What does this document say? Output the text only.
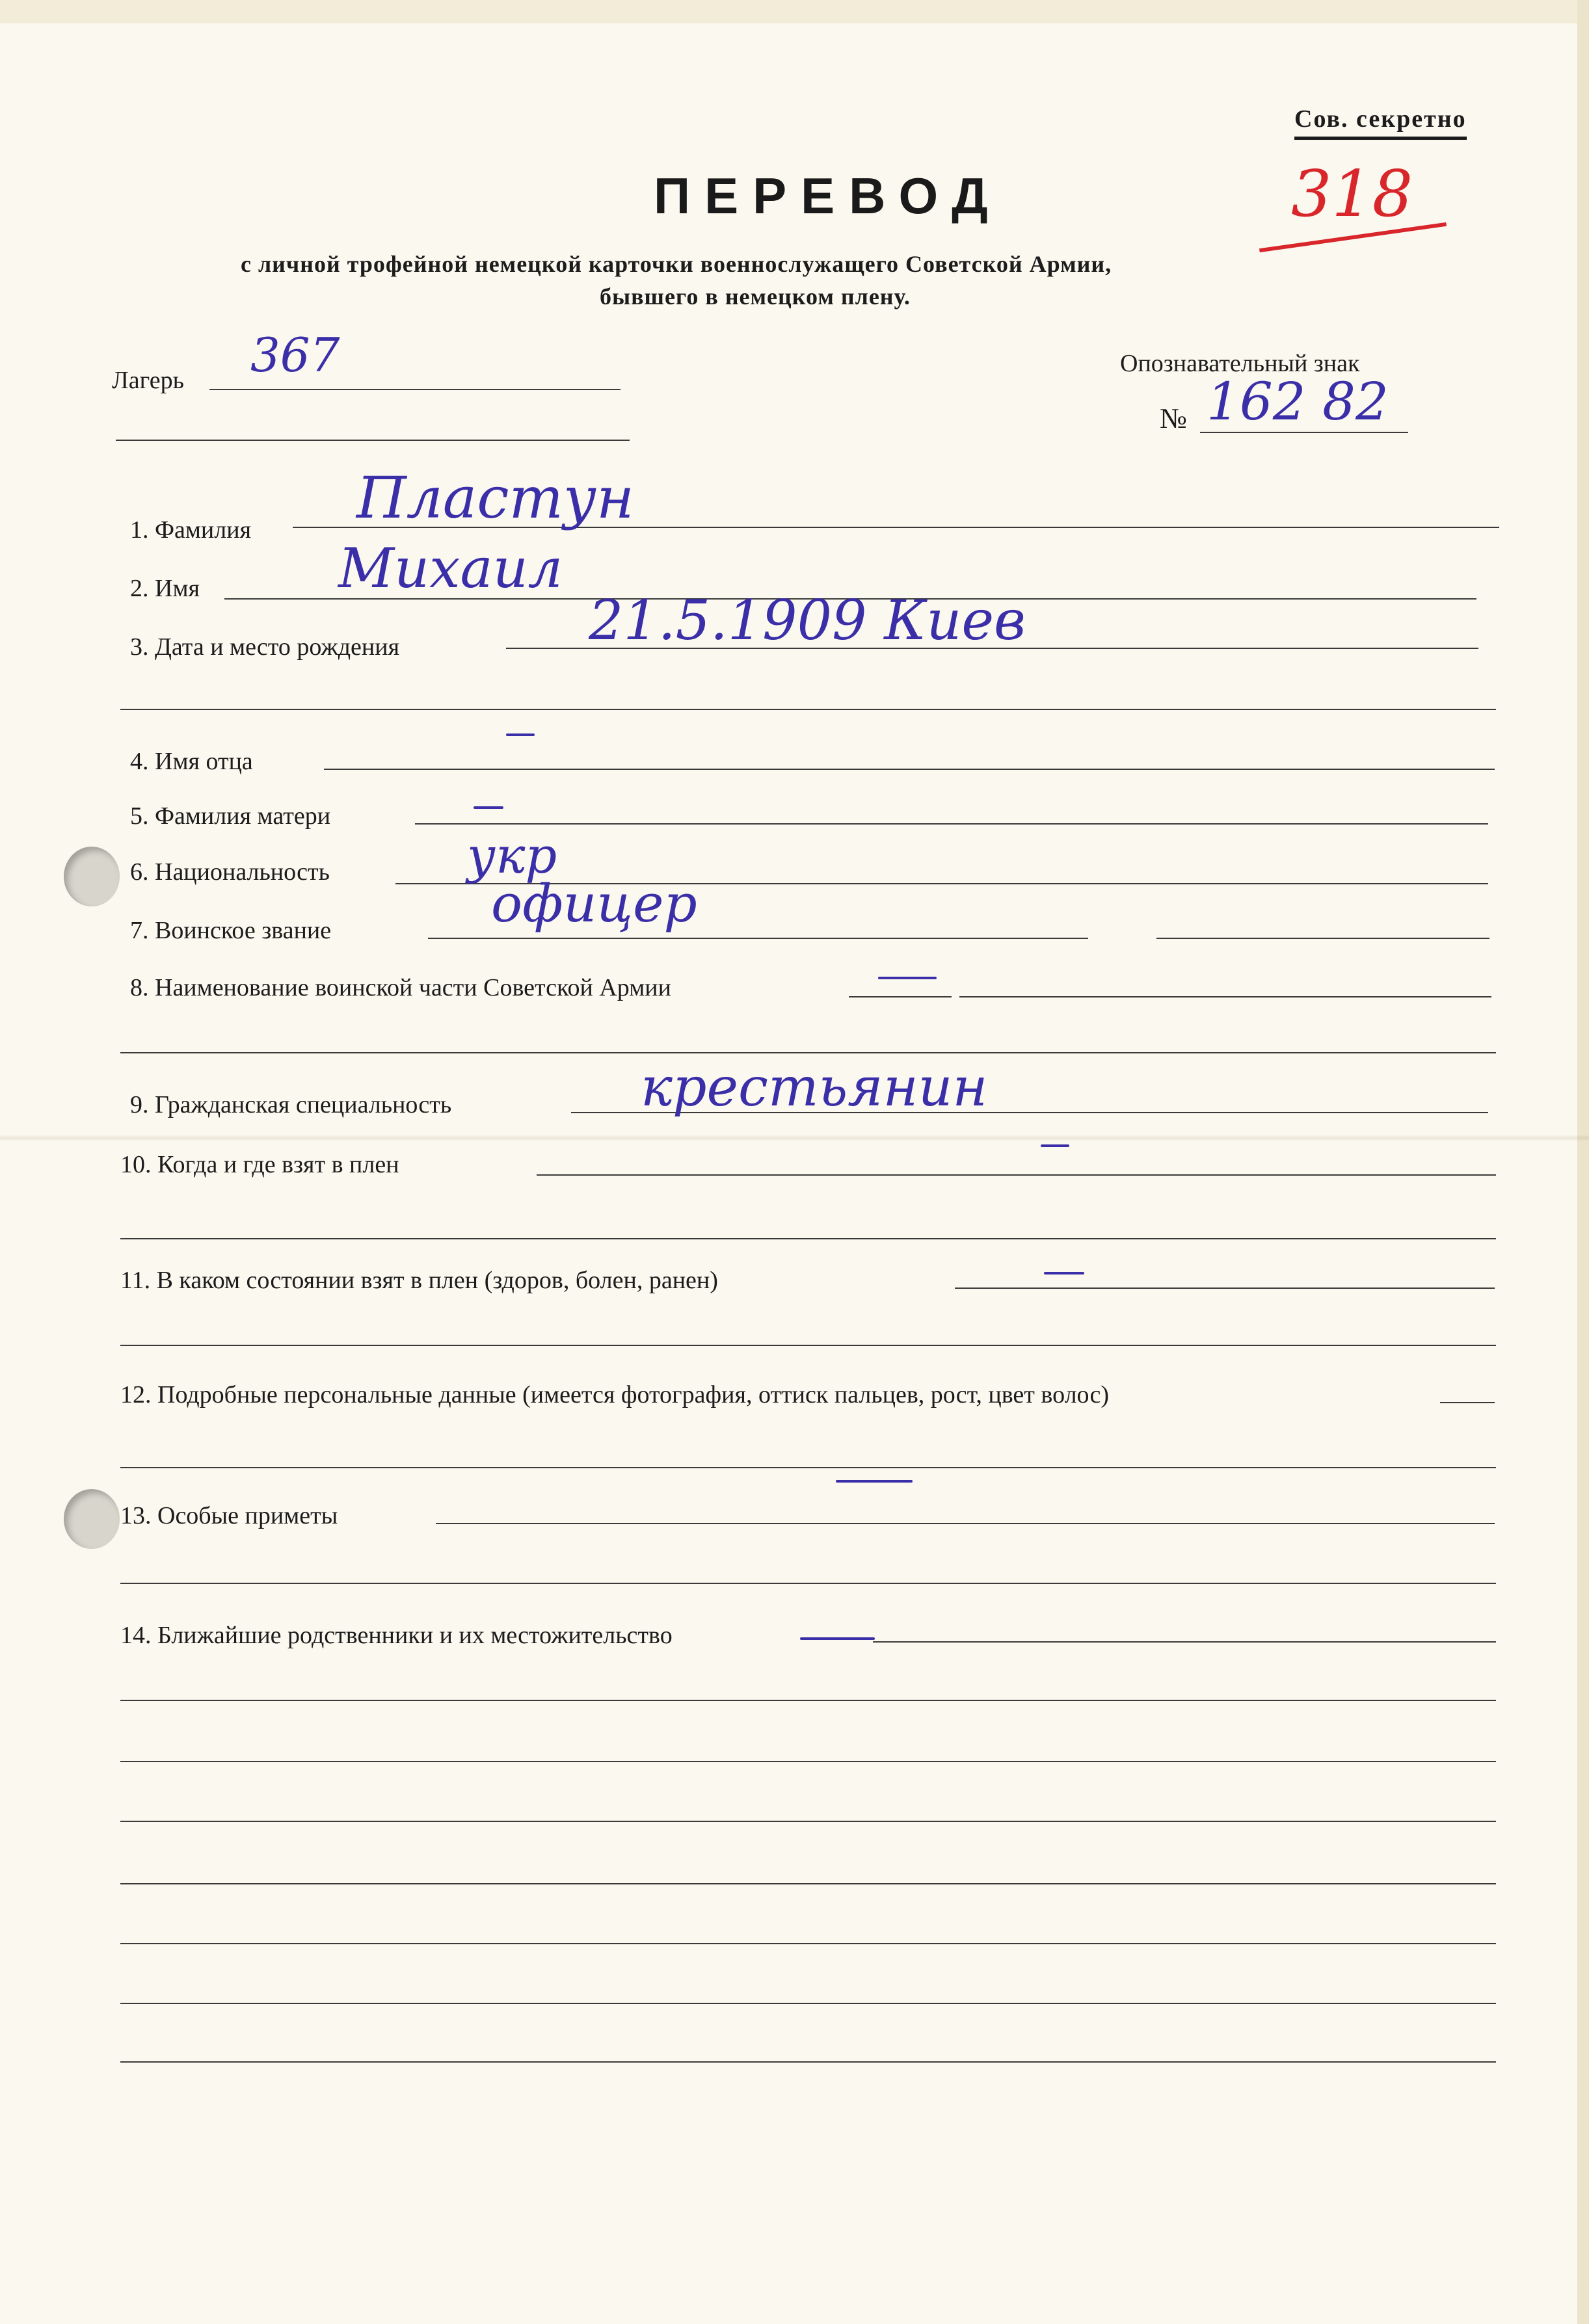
Сов. секретно

ПЕРЕВОД	318

с личной трофейной немецкой карточки военнослужащего Советской Армии,

бывшего в немецком плену.

Лагерь 367	Опознавательный знак

№ 162 82

1. Фамилия Пластун

2. Имя	Михаил

3. Дата и место рождения	21.5.1909 Киев

4. Имя отца

5. Фамилия матери

6. Национальность	укр

7. Воинское звание	офицер

8. Наименование воинской части Советской Армии

9. Гражданская специальность	крестьянин

10. Когда и где взят в плен

11. В каком состоянии взят в плен (здоров, болен, ранен)

12. Подробные персональные данные (имеется фотография, оттиск пальцев, рост, цвет волос)

13. Особые приметы

14. Ближайшие родственники и их местожительство
